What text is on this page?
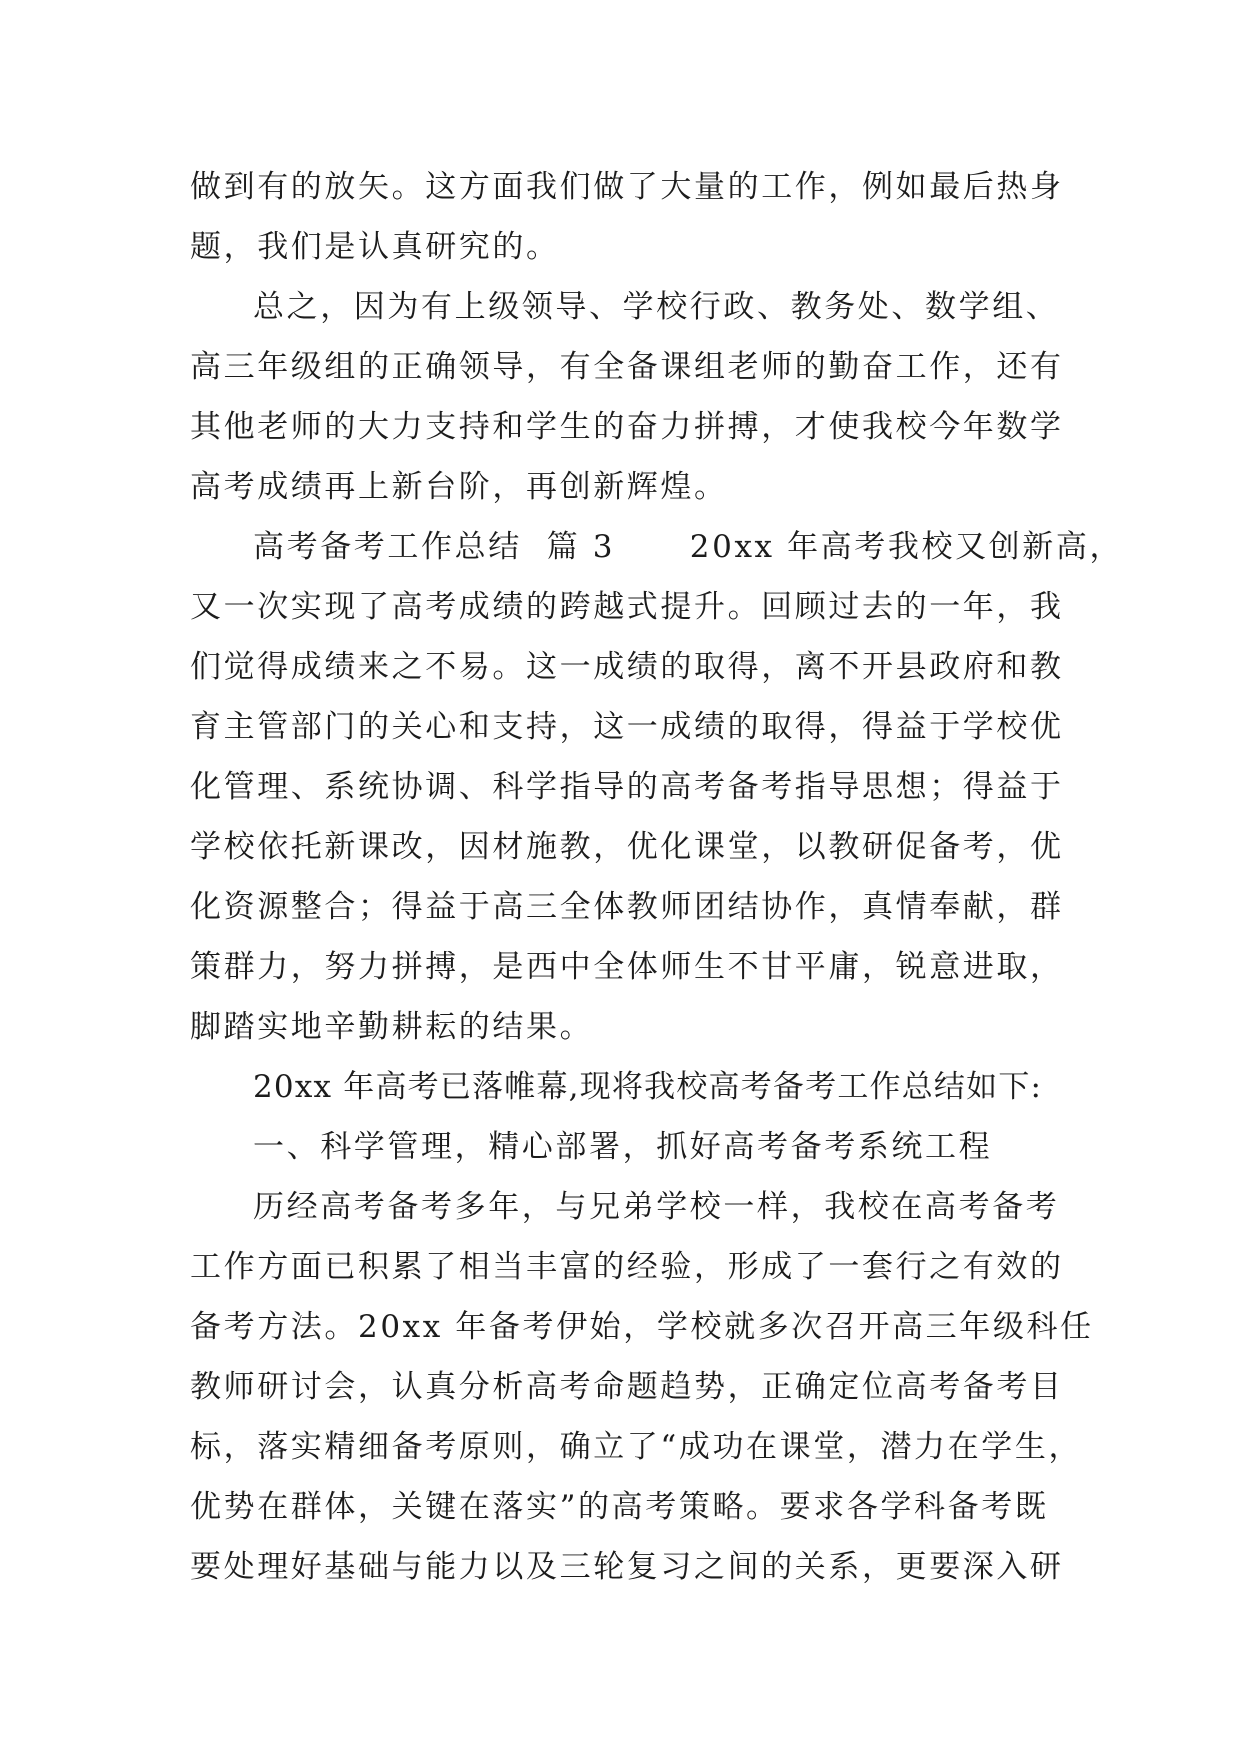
做到有的放矢。这方面我们做了大量的工作，例如最后热身
题，我们是认真研究的。
总之，因为有上级领导、学校行政、教务处、数学组、
高三年级组的正确领导，有全备课组老师的勤奋工作，还有
其他老师的大力支持和学生的奋力拼搏，才使我校今年数学
高考成绩再上新台阶，再创新辉煌。
高考备考工作总结  篇 3      20xx 年高考我校又创新高，
又一次实现了高考成绩的跨越式提升。回顾过去的一年，我
们觉得成绩来之不易。这一成绩的取得，离不开县政府和教
育主管部门的关心和支持，这一成绩的取得，得益于学校优
化管理、系统协调、科学指导的高考备考指导思想；得益于
学校依托新课改，因材施教，优化课堂，以教研促备考，优
化资源整合；得益于高三全体教师团结协作，真情奉献，群
策群力，努力拼搏，是西中全体师生不甘平庸，锐意进取，
脚踏实地辛勤耕耘的结果。
20xx 年高考已落帷幕,现将我校高考备考工作总结如下:
一、科学管理，精心部署，抓好高考备考系统工程
历经高考备考多年，与兄弟学校一样，我校在高考备考
工作方面已积累了相当丰富的经验，形成了一套行之有效的
备考方法。20xx 年备考伊始，学校就多次召开高三年级科任
教师研讨会，认真分析高考命题趋势，正确定位高考备考目
标，落实精细备考原则，确立了“成功在课堂，潜力在学生，
优势在群体，关键在落实”的高考策略。要求各学科备考既
要处理好基础与能力以及三轮复习之间的关系，更要深入研
